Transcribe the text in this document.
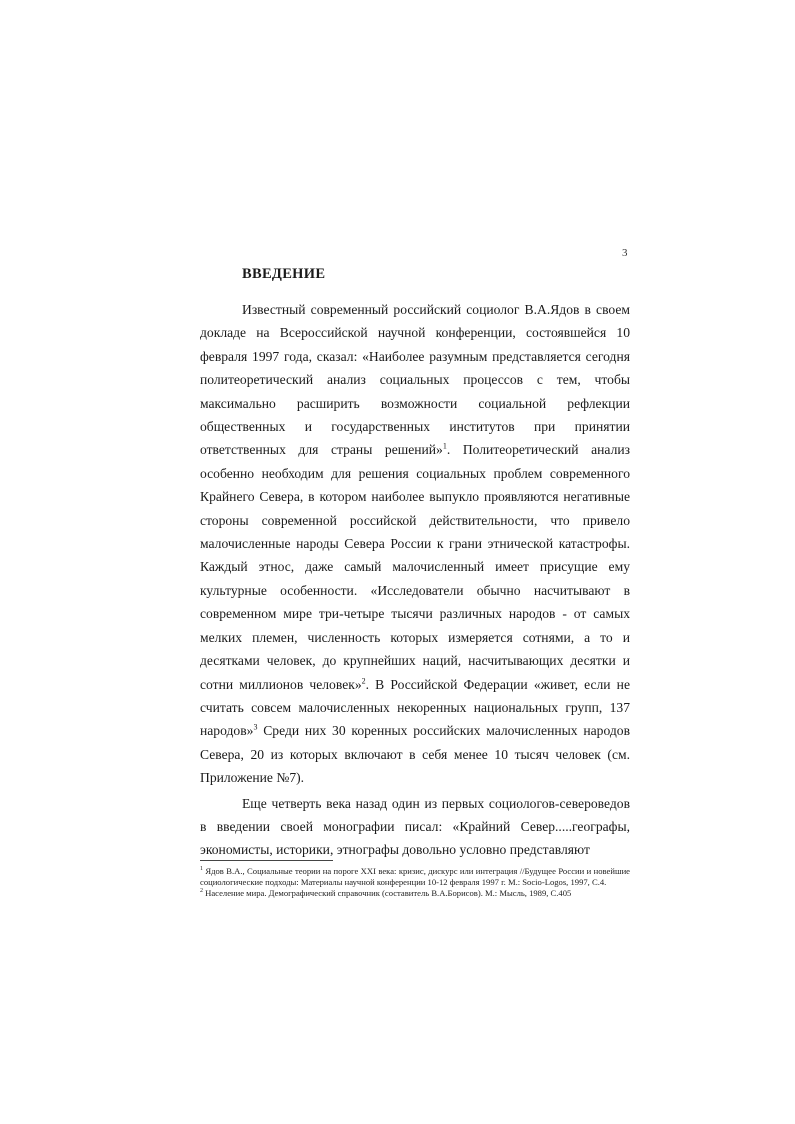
3
ВВЕДЕНИЕ

Известный современный российский социолог В.А.Ядов в своем докладе на Всероссийской научной конференции, состоявшейся 10 февраля 1997 года, сказал: «Наиболее разумным представляется сегодня политеоретический анализ социальных процессов с тем, чтобы максимально расширить возможности социальной рефлекции общественных и государственных институтов при принятии ответственных для страны решений»$^1$. Политеоретический анализ особенно необходим для решения социальных проблем современного Крайнего Севера, в котором наиболее выпукло проявляются негативные стороны современной российской действительности, что привело малочисленные народы Севера России к грани этнической катастрофы. Каждый этнос, даже самый малочисленный имеет присущие ему культурные особенности. «Исследователи обычно насчитывают в современном мире три-четыре тысячи различных народов - от самых мелких племен, численность которых измеряется сотнями, а то и десятками человек, до крупнейших наций, насчитывающих десятки и сотни миллионов человек»$^2$. В Российской Федерации «живет, если не считать совсем малочисленных некоренных национальных групп, 137 народов»$^3$ Среди них 30 коренных российских малочисленных народов Севера, 20 из которых включают в себя менее 10 тысяч человек (см. Приложение №7).

Еще четверть века назад один из первых социологов-североведов в введении своей монографии писал: «Крайний Север.....географы, экономисты, историки, этнографы довольно условно представляют

$^1$ Ядов В.А., Социальные теории на пороге XXI века: кризис, дискурс или интеграция //Будущее России и новейшие социологические подходы: Материалы научной конференции 10-12 февраля 1997 г. М.: Socio-Logos, 1997, С.4.
$^2$ Население мира. Демографический справочник (составитель В.А.Борисов). М.: Мысль, 1989, С.405
